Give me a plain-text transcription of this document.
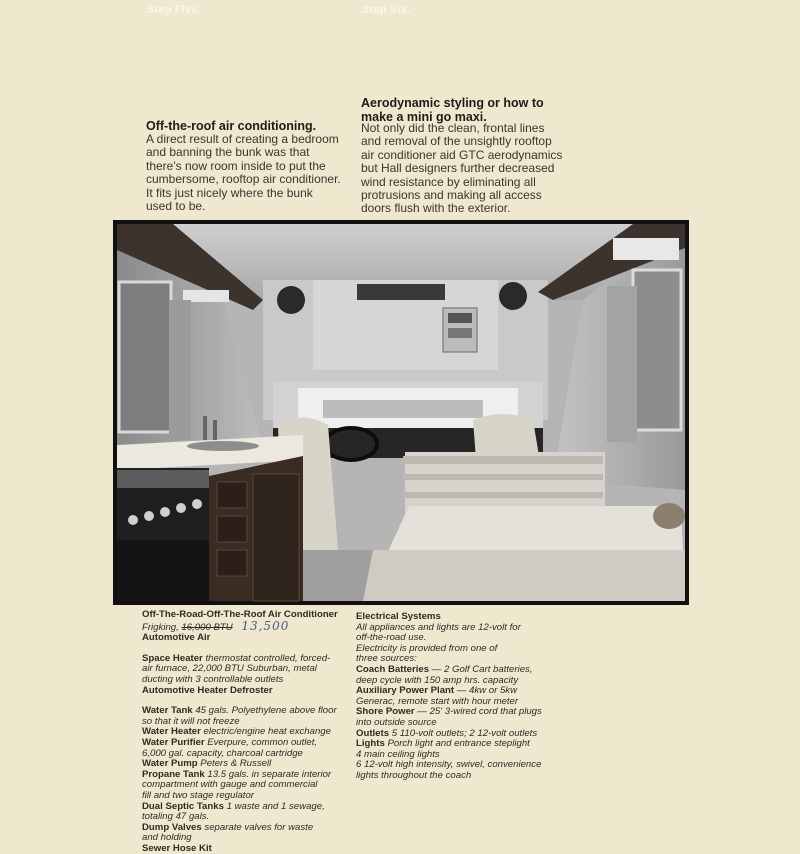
Step Five.	Step Six.
Off-the-roof air conditioning.
A direct result of creating a bedroom
and banning the bunk was that
there's now room inside to put the
cumbersome, rooftop air conditioner.
It fits just nicely where the bunk
used to be.
Aerodynamic styling or how to
make a mini go maxi.
Not only did the clean, frontal lines
and removal of the unsightly rooftop
air conditioner aid GTC aerodynamics
but Hall designers further decreased
wind resistance by eliminating all
protrusions and making all access
doors flush with the exterior.
Off-The-Road-Off-The-Roof Air Conditioner
Frigking, 16,000 BTU 13,500
Automotive Air
Space Heater thermostat controlled, forced-
air furnace, 22,000 BTU Suburban, metal
ducting with 3 controllable outlets
Automotive Heater Defroster
Water Tank 45 gals. Polyethylene above floor
so that it will not freeze
Water Heater electric/engine heat exchange
Water Purifier Everpure, common outlet,
6,000 gal. capacity, charcoal cartridge
Water Pump Peters & Russell
Propane Tank 13.5 gals. in separate interior
compartment with gauge and commercial
fill and two stage regulator
Dual Septic Tanks 1 waste and 1 sewage,
totaling 47 gals.
Dump Valves separate valves for waste
and holding
Sewer Hose Kit
Electrical Systems
All appliances and lights are 12-volt for
off-the-road use.
Electricity is provided from one of
three sources:
Coach Batteries — 2 Golf Cart batteries,
deep cycle with 150 amp hrs. capacity
Auxiliary Power Plant — 4kw or 5kw
Generac, remote start with hour meter
Shore Power — 25' 3-wired cord that plugs
into outside source
Outlets 5 110-volt outlets; 2 12-volt outlets
Lights Porch light and entrance steplight
4 main ceiling lights
6 12-volt high intensity, swivel, convenience
lights throughout the coach
